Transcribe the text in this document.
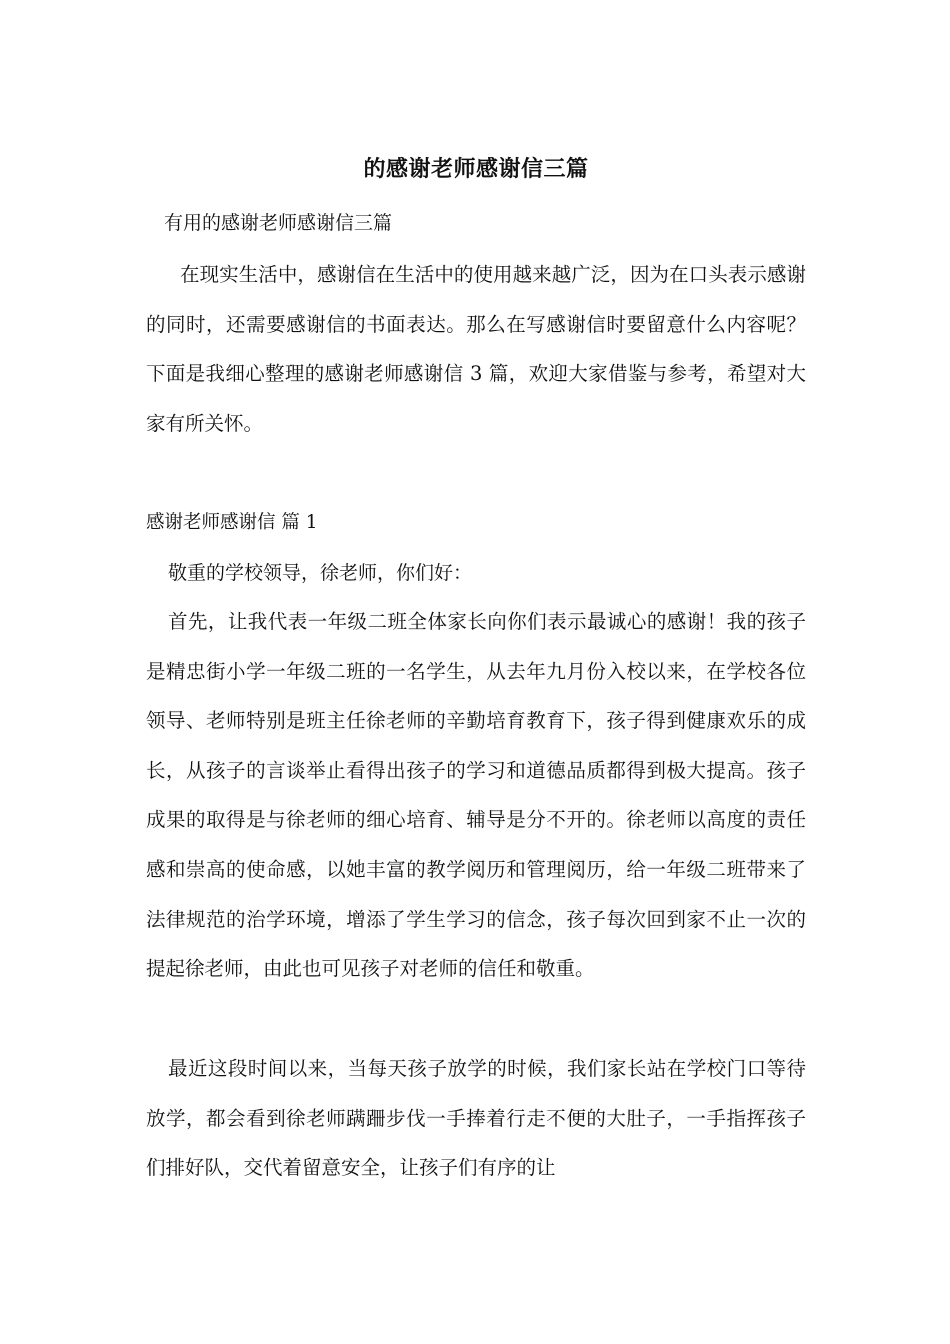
的感谢老师感谢信三篇
有用的感谢老师感谢信三篇
在现实生活中，感谢信在生活中的使用越来越广泛，因为在口头表示感谢的同时，还需要感谢信的书面表达。那么在写感谢信时要留意什么内容呢？下面是我细心整理的感谢老师感谢信 3 篇，欢迎大家借鉴与参考，希望对大家有所关怀。
感谢老师感谢信 篇 1
敬重的学校领导，徐老师，你们好：
首先，让我代表一年级二班全体家长向你们表示最诚心的感谢！我的孩子是精忠街小学一年级二班的一名学生，从去年九月份入校以来，在学校各位领导、老师特别是班主任徐老师的辛勤培育教育下，孩子得到健康欢乐的成长，从孩子的言谈举止看得出孩子的学习和道德品质都得到极大提高。孩子成果的取得是与徐老师的细心培育、辅导是分不开的。徐老师以高度的责任感和崇高的使命感，以她丰富的教学阅历和管理阅历，给一年级二班带来了法律规范的治学环境，增添了学生学习的信念，孩子每次回到家不止一次的提起徐老师，由此也可见孩子对老师的信任和敬重。
最近这段时间以来，当每天孩子放学的时候，我们家长站在学校门口等待放学，都会看到徐老师蹒跚步伐一手捧着行走不便的大肚子，一手指挥孩子们排好队，交代着留意安全，让孩子们有序的让
